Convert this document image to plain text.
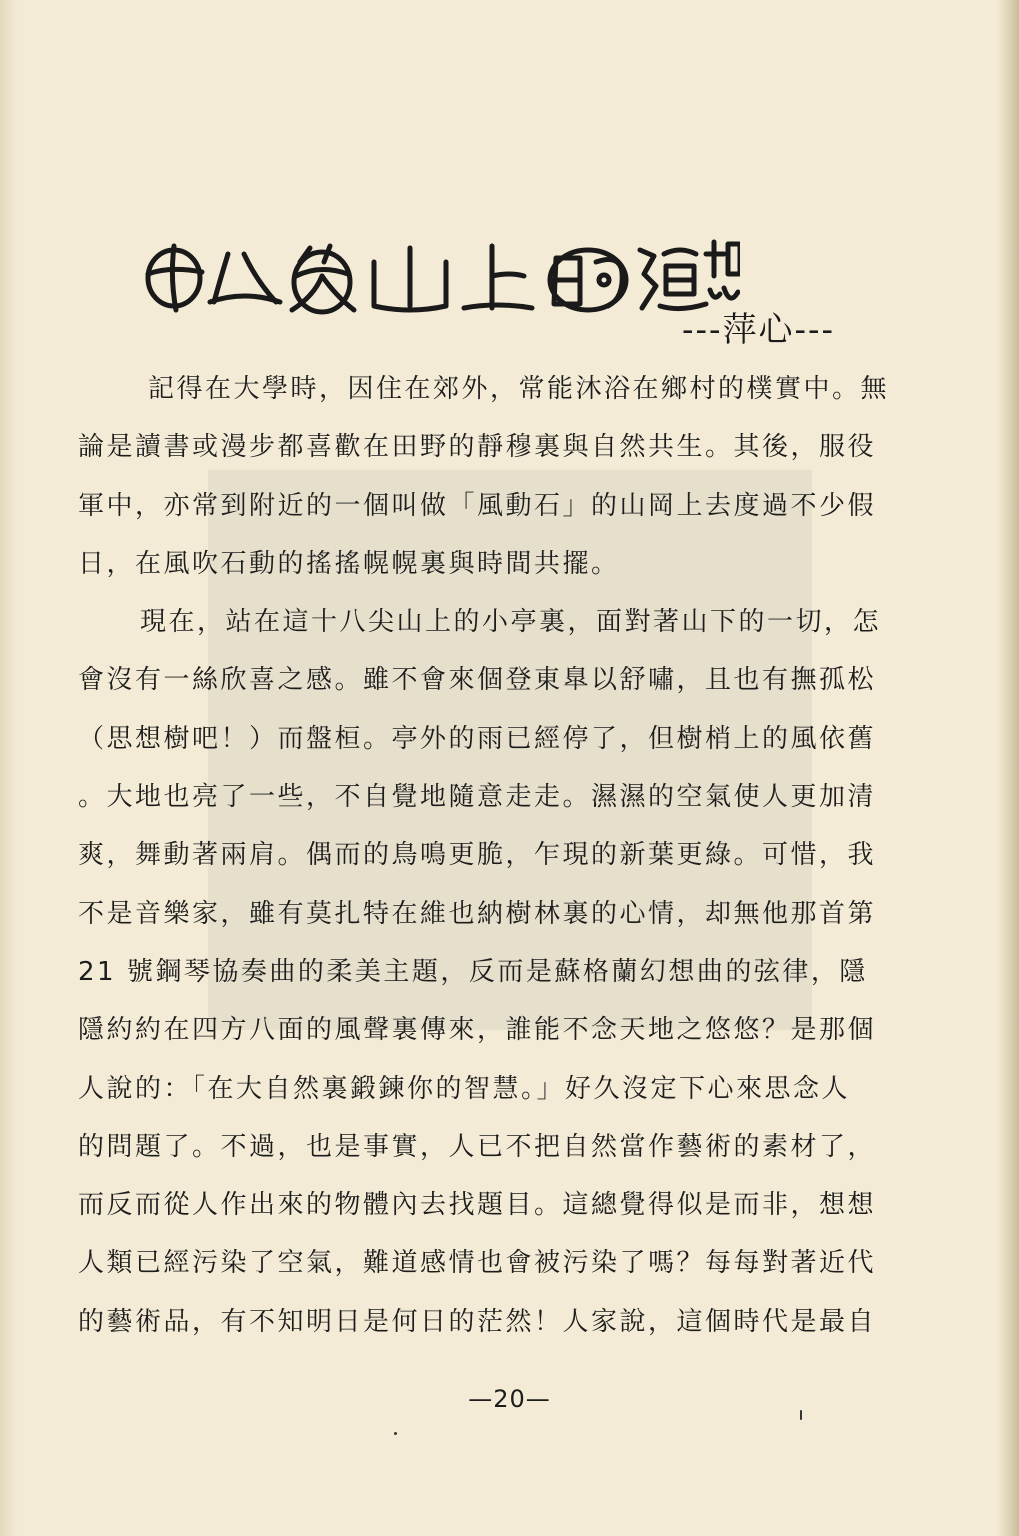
---萍心---
記得在大學時，因住在郊外，常能沐浴在鄉村的樸實中。無
論是讀書或漫步都喜歡在田野的靜穆裏與自然共生。其後，服役
軍中，亦常到附近的一個叫做「風動石」的山岡上去度過不少假
日，在風吹石動的搖搖幌幌裏與時間共擺。
現在，站在這十八尖山上的小亭裏，面對著山下的一切，怎
會沒有一絲欣喜之感。雖不會來個登東臯以舒嘯，且也有撫孤松
（思想樹吧！）而盤桓。亭外的雨已經停了，但樹梢上的風依舊
。大地也亮了一些，不自覺地隨意走走。濕濕的空氣使人更加清
爽，舞動著兩肩。偶而的鳥鳴更脆，乍現的新葉更綠。可惜，我
不是音樂家，雖有莫扎特在維也納樹林裏的心情，却無他那首第
21 號鋼琴協奏曲的柔美主題，反而是蘇格蘭幻想曲的弦律，隱
隱約約在四方八面的風聲裏傳來，誰能不念天地之悠悠？是那個
人說的：「在大自然裏鍛鍊你的智慧。」好久沒定下心來思念人
的問題了。不過，也是事實，人已不把自然當作藝術的素材了，
而反而從人作出來的物體內去找題目。這總覺得似是而非，想想
人類已經污染了空氣，難道感情也會被污染了嗎？每每對著近代
的藝術品，有不知明日是何日的茫然！人家說，這個時代是最自
—20—
